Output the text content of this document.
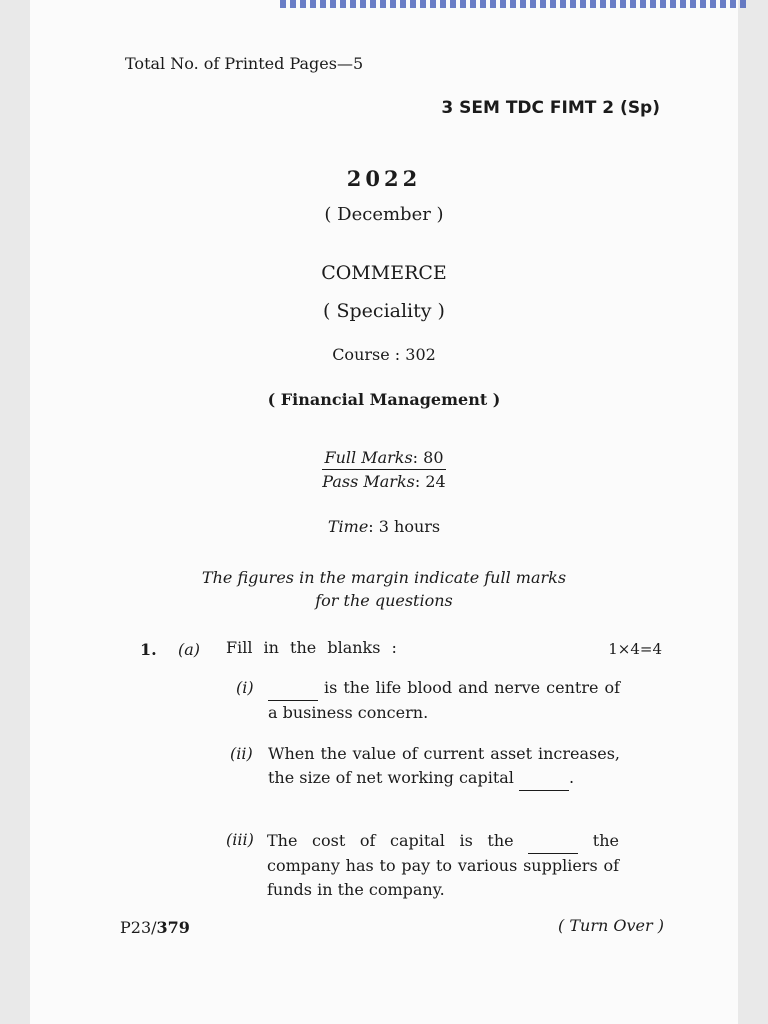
Total No. of Printed Pages—5
3 SEM TDC FIMT 2 (Sp)
2022
( December )
COMMERCE
( Speciality )
Course : 302
( Financial Management )
Full Marks: 80
Pass Marks: 24
Time: 3 hours
The figures in the margin indicate full marks
for the questions
1. (a) Fill in the blanks :	1×4=4
(i)	is the life blood and nerve centre of a business concern.
(ii) When the value of current asset increases, the size of net working capital	.
(iii) The cost of capital is the	the company has to pay to various suppliers of funds in the company.
P23/379	( Turn Over )
